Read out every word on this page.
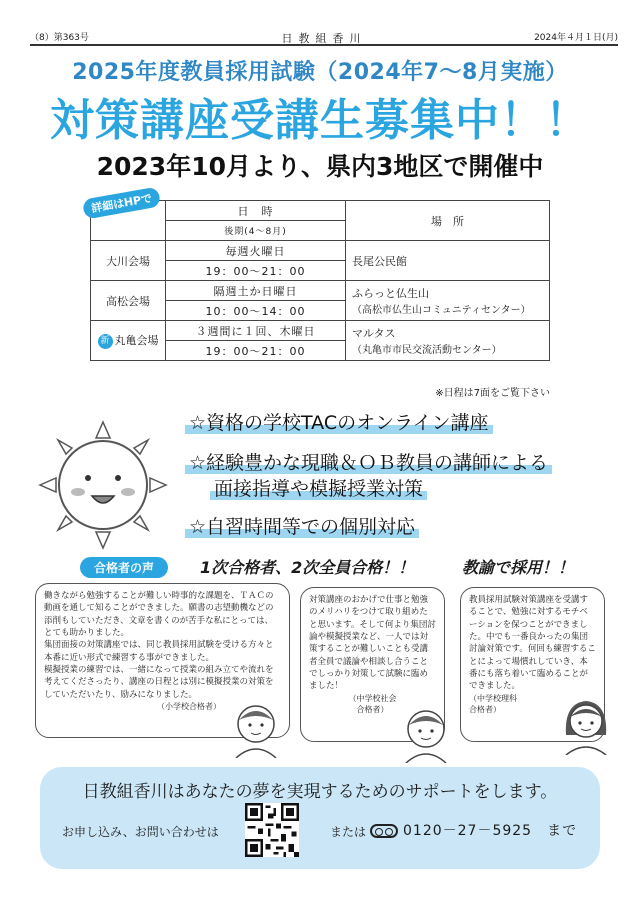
（8）第363号	日教組香川	2024年４月１日(月)
2025年度教員採用試験（2024年7〜8月実施）
対策講座受講生募集中！！
2023年10月より、県内3地区で開催中
	日　時	場　所
	後期(4～8月)	
大川会場	毎週火曜日	長尾公民館
	19：00〜21：00	
高松会場	隔週土か日曜日	ふらっと仏生山
（高松市仏生山コミュニティセンター）

	10：00〜14：00	
新 丸亀会場	３週間に１回、木曜日	マルタス
（丸亀市市民交流活動センター）

	19：00〜21：00	
詳細はHPで
※日程は7面をご覧下さい
☆資格の学校TACのオンライン講座
☆経験豊かな現職＆ＯＢ教員の講師による
面接指導や模擬授業対策
☆自習時間等での個別対応
合格者の声	1次合格者、2次全員合格！！	教諭で採用！！

働きながら勉強することが難しい時事的な課題を、ＴＡＣの動画を通して知ることができました。願書の志望動機などの添削もしていただき、文章を書くのが苦手な私にとっては、とても助かりました。
集団面接の対策講座では、同じ教員採用試験を受ける方々と本番に近い形式で練習する事ができました。
模擬授業の練習では、一緒になって授業の組み立てや流れを考えてくださったり、講座の日程とは別に模擬授業の対策をしていただいたり、励みになりました。

（小学校合格者）

対策講座のおかげで仕事と勉強のメリハリをつけて取り組めたと思います。そして何より集団討論や模擬授業など、一人では対策することが難しいことも受講者全員で議論や相談し合うことでしっかり対策して試験に臨めました！

（中学校社会
合格者）

教員採用試験対策講座を受講することで、勉強に対するモチベーションを保つことができました。中でも一番良かったの集団討論対策です。何回も練習することによって場慣れしていき、本番にも落ち着いて臨めることができました。

（中学校理科
合格者）
日教組香川はあなたの夢を実現するためのサポートをします。
お申し込み、お問い合わせは	または	0120－27－5925　まで
